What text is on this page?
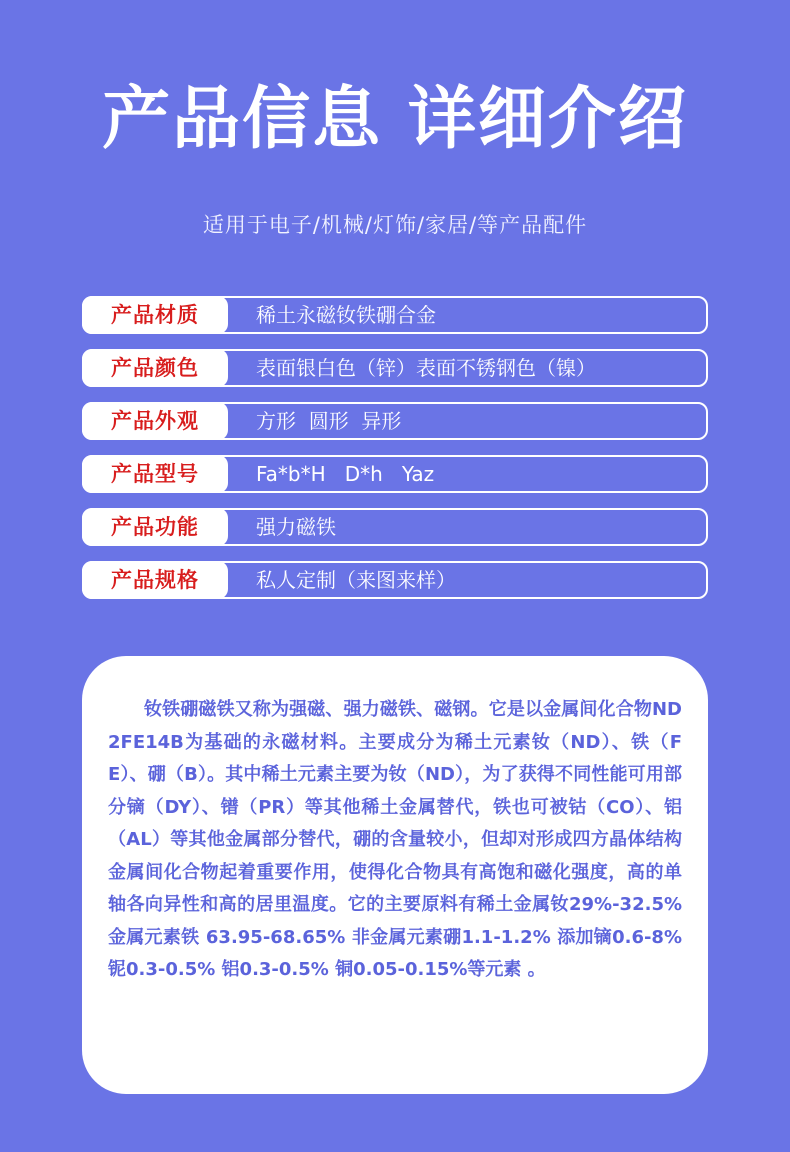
产品信息 详细介绍
适用于电子/机械/灯饰/家居/等产品配件
产品材质	稀土永磁钕铁硼合金
产品颜色	表面银白色（锌）表面不锈钢色（镍）
产品外观	方形  圆形  异形
产品型号	Fa*b*H   D*h   Yaz
产品功能	强力磁铁
产品规格	私人定制（来图来样）

钕铁硼磁铁又称为强磁、强力磁铁、磁钢。它是以金属间化合物ND2FE14B为基础的永磁材料。主要成分为稀土元素钕（ND）、铁（FE）、硼（B）。其中稀土元素主要为钕（ND），为了获得不同性能可用部分镝（DY）、镨（PR）等其他稀土金属替代，铁也可被钴（CO）、铝（AL）等其他金属部分替代，硼的含量较小，但却对形成四方晶体结构金属间化合物起着重要作用，使得化合物具有高饱和磁化强度，高的单轴各向异性和高的居里温度。它的主要原料有稀土金属钕29%-32.5% 金属元素铁 63.95-68.65% 非金属元素硼1.1-1.2% 添加镝0.6-8% 铌0.3-0.5% 铝0.3-0.5% 铜0.05-0.15%等元素 。
